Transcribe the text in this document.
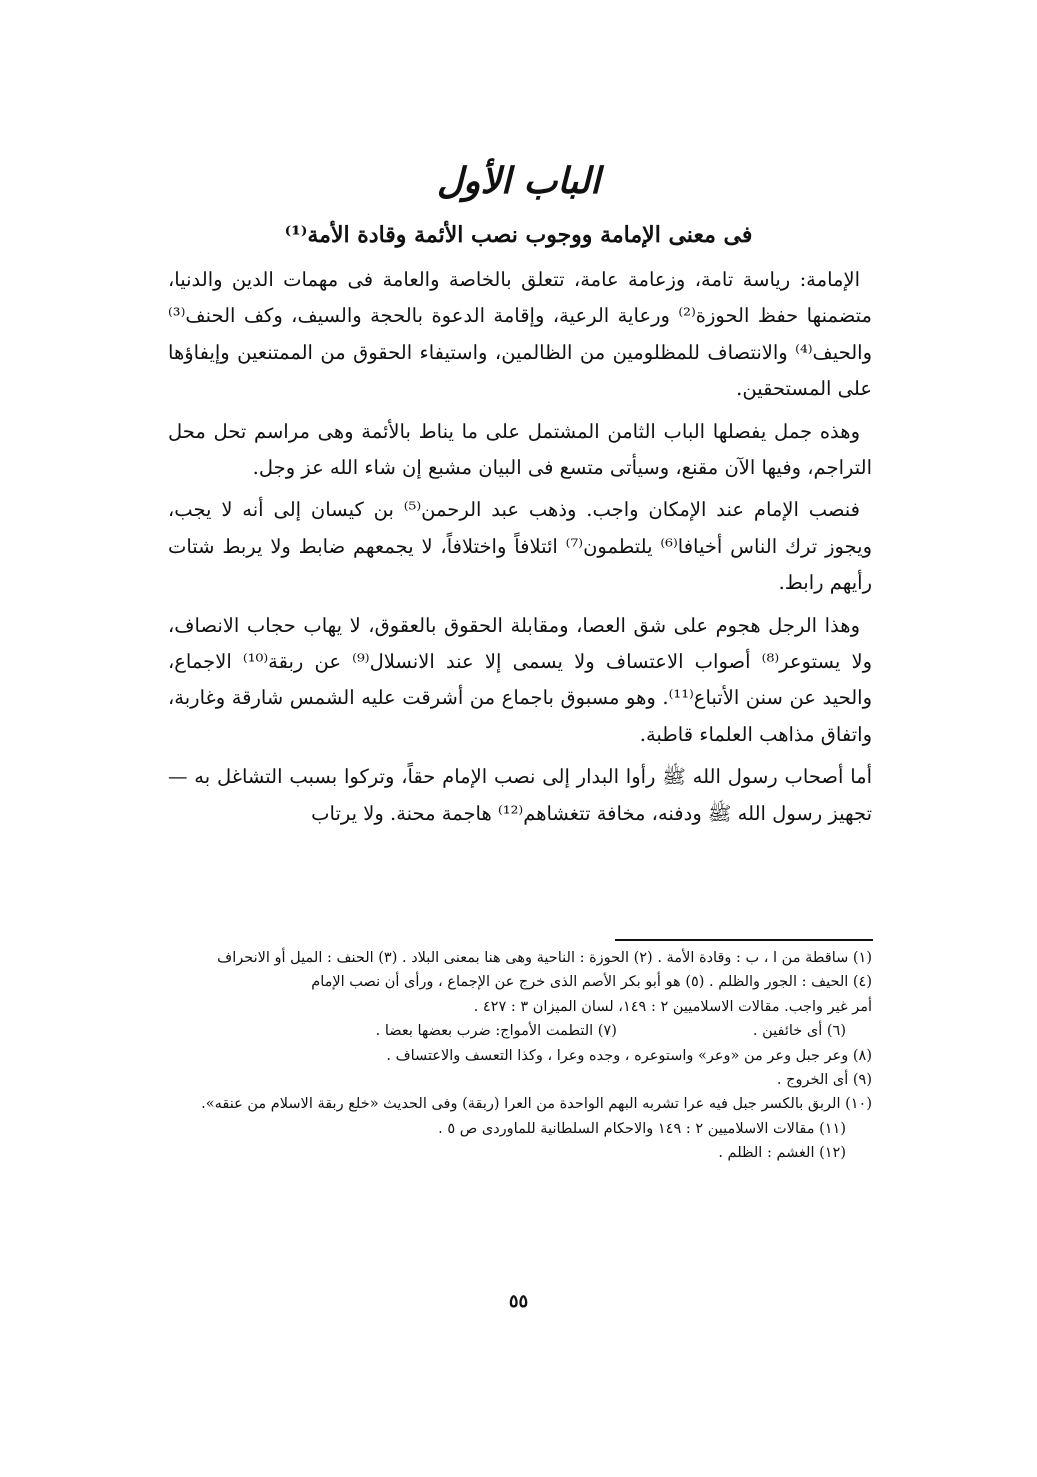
الباب الأول
فى معنى الإمامة ووجوب نصب الأئمة وقادة الأمة⁽¹⁾

الإمامة: رياسة تامة، وزعامة عامة، تتعلق بالخاصة والعامة فى مهمات الدين والدنيا، متضمنها حفظ الحوزة⁽²⁾ ورعاية الرعية، وإقامة الدعوة بالحجة والسيف، وكف الحنف⁽³⁾ والحيف⁽⁴⁾ والانتصاف للمظلومين من الظالمين، واستيفاء الحقوق من الممتنعين وإيفاؤها على المستحقين.

وهذه جمل يفصلها الباب الثامن المشتمل على ما يناط بالأئمة وهى مراسم تحل محل التراجم، وفيها الآن مقنع، وسيأتى متسع فى البيان مشبع إن شاء الله عز وجل.

فنصب الإمام عند الإمكان واجب. وذهب عبد الرحمن⁽⁵⁾ بن كيسان إلى أنه لا يجب، ويجوز ترك الناس أخيافا⁽⁶⁾ يلتطمون⁽⁷⁾ ائتلافاً واختلافاً، لا يجمعهم ضابط ولا يربط شتات رأيهم رابط.

وهذا الرجل هجوم على شق العصا، ومقابلة الحقوق بالعقوق، لا يهاب حجاب الانصاف، ولا يستوعر⁽⁸⁾ أصواب الاعتساف ولا يسمى إلا عند الانسلال⁽⁹⁾ عن ربقة⁽¹⁰⁾ الاجماع، والحيد عن سنن الأتباع⁽¹¹⁾. وهو مسبوق باجماع من أشرقت عليه الشمس شارقة وغاربة، واتفاق مذاهب العلماء قاطبة.

أما أصحاب رسول الله ﷺ رأوا البدار إلى نصب الإمام حقاً، وتركوا بسبب التشاغل به — تجهيز رسول الله ﷺ ودفنه، مخافة تتغشاهم⁽¹²⁾ هاجمة محنة. ولا يرتاب

(١) ساقطة من ا ، ب : وقادة الأمة . (٢) الحوزة : الناحية وهى هنا بمعنى البلاد . (٣) الحنف : الميل أو الانحراف

(٤) الحيف : الجور والظلم . (٥) هو أبو بكر الأصم الذى خرج عن الإجماع ، ورأى أن نصب الإمام

أمر غير واجب. مقالات الاسلاميين ٢ : ١٤٩، لسان الميزان ٣ : ٤٢٧ .

(٦) أى خائفين .
(٧) التطمت الأمواج: ضرب بعضها بعضا .

(٨) وعر جبل وعر من «وعر» واستوعره ، وجده وعرا ، وكذا التعسف والاعتساف .

(٩) أى الخروج .

(١٠) الربق بالكسر جبل فيه عرا تشربه البهم الواحدة من العرا (ربقة) وفى الحديث «خلع ربقة الاسلام من عنقه».

(١١) مقالات الاسلاميين ٢ : ١٤٩ والاحكام السلطانية للماوردى ص ٥ .

(١٢) الغشم : الظلم .

٥٥
